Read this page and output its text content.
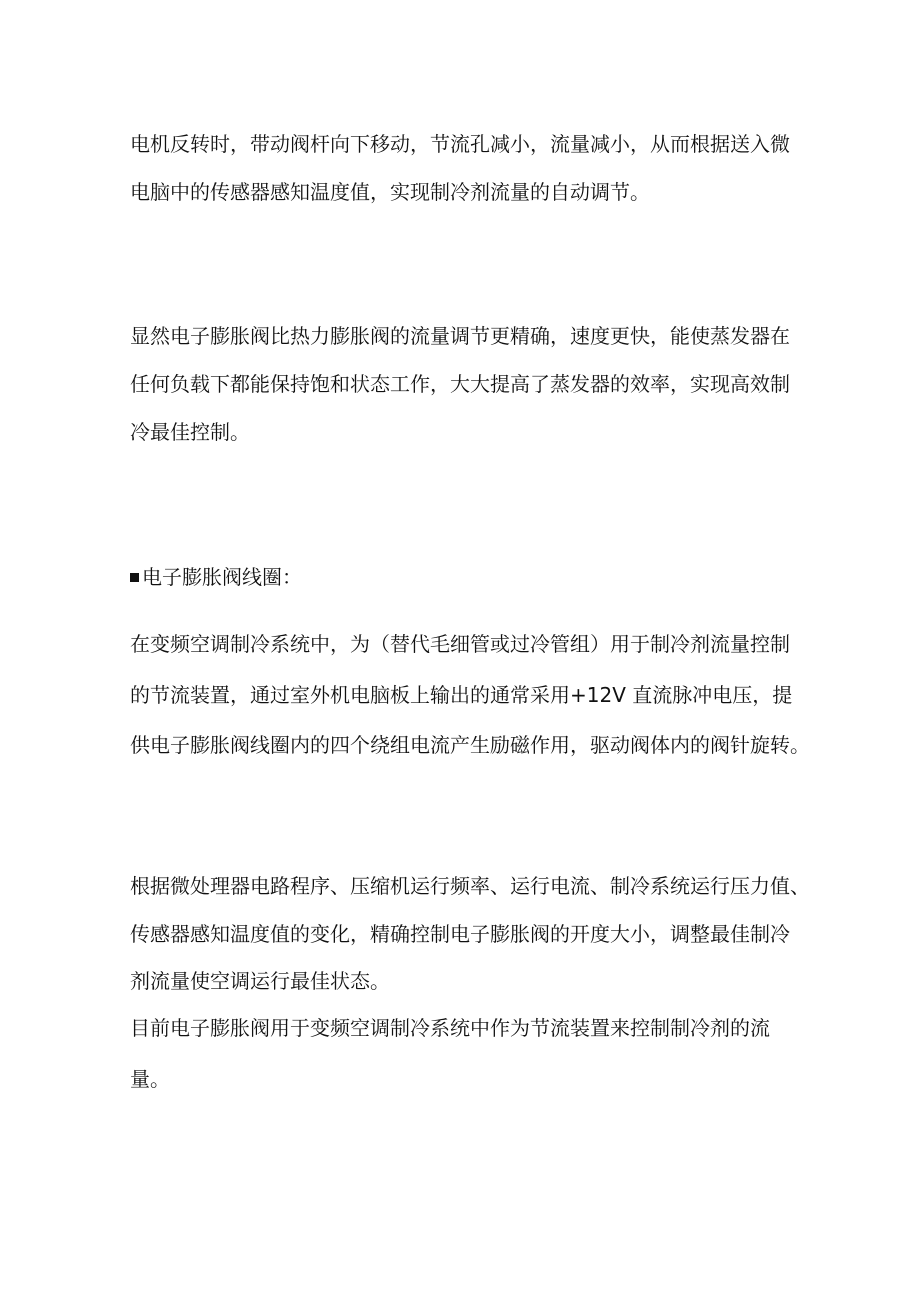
电机反转时，带动阀杆向下移动，节流孔减小，流量减小，从而根据送入微
电脑中的传感器感知温度值，实现制冷剂流量的自动调节。
显然电子膨胀阀比热力膨胀阀的流量调节更精确，速度更快，能使蒸发器在
任何负载下都能保持饱和状态工作，大大提高了蒸发器的效率，实现高效制
冷最佳控制。
电子膨胀阀线圈：
在变频空调制冷系统中，为（替代毛细管或过冷管组）用于制冷剂流量控制
的节流装置，通过室外机电脑板上输出的通常采用+12V 直流脉冲电压，提
供电子膨胀阀线圈内的四个绕组电流产生励磁作用，驱动阀体内的阀针旋转。
根据微处理器电路程序、压缩机运行频率、运行电流、制冷系统运行压力值、
传感器感知温度值的变化，精确控制电子膨胀阀的开度大小，调整最佳制冷
剂流量使空调运行最佳状态。
目前电子膨胀阀用于变频空调制冷系统中作为节流装置来控制制冷剂的流
量。
